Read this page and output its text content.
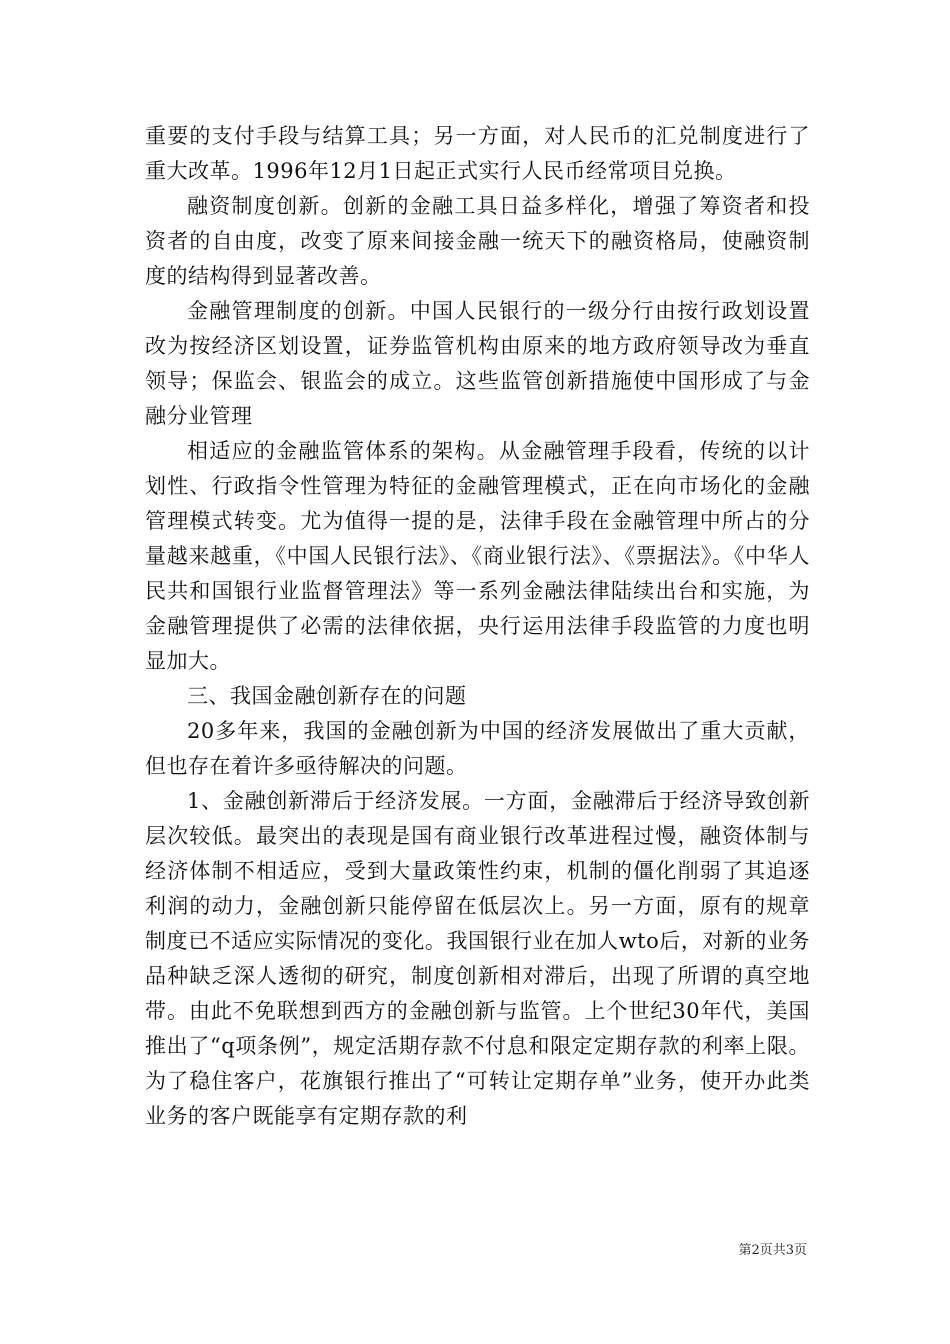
重要的支付手段与结算工具；另一方面，对人民币的汇兑制度进行了重大改革。1996年12月1日起正式实行人民币经常项目兑换。

融资制度创新。创新的金融工具日益多样化，增强了筹资者和投资者的自由度，改变了原来间接金融一统天下的融资格局，使融资制度的结构得到显著改善。

金融管理制度的创新。中国人民银行的一级分行由按行政划设置改为按经济区划设置，证券监管机构由原来的地方政府领导改为垂直领导；保监会、银监会的成立。这些监管创新措施使中国形成了与金融分业管理

相适应的金融监管体系的架构。从金融管理手段看，传统的以计划性、行政指令性管理为特征的金融管理模式，正在向市场化的金融管理模式转变。尤为值得一提的是，法律手段在金融管理中所占的分量越来越重，《中国人民银行法》、《商业银行法》、《票据法》。《中华人民共和国银行业监督管理法》等一系列金融法律陆续出台和实施，为金融管理提供了必需的法律依据，央行运用法律手段监管的力度也明显加大。

三、我国金融创新存在的问题

20多年来，我国的金融创新为中国的经济发展做出了重大贡献，但也存在着许多亟待解决的问题。

1、金融创新滞后于经济发展。一方面，金融滞后于经济导致创新层次较低。最突出的表现是国有商业银行改革进程过慢，融资体制与经济体制不相适应，受到大量政策性约束，机制的僵化削弱了其追逐利润的动力，金融创新只能停留在低层次上。另一方面，原有的规章制度已不适应实际情况的变化。我国银行业在加人wto后，对新的业务品种缺乏深人透彻的研究，制度创新相对滞后，出现了所谓的真空地带。由此不免联想到西方的金融创新与监管。上个世纪30年代，美国推出了“q项条例”，规定活期存款不付息和限定定期存款的利率上限。为了稳住客户，花旗银行推出了“可转让定期存单”业务，使开办此类业务的客户既能享有定期存款的利

第2页共3页
